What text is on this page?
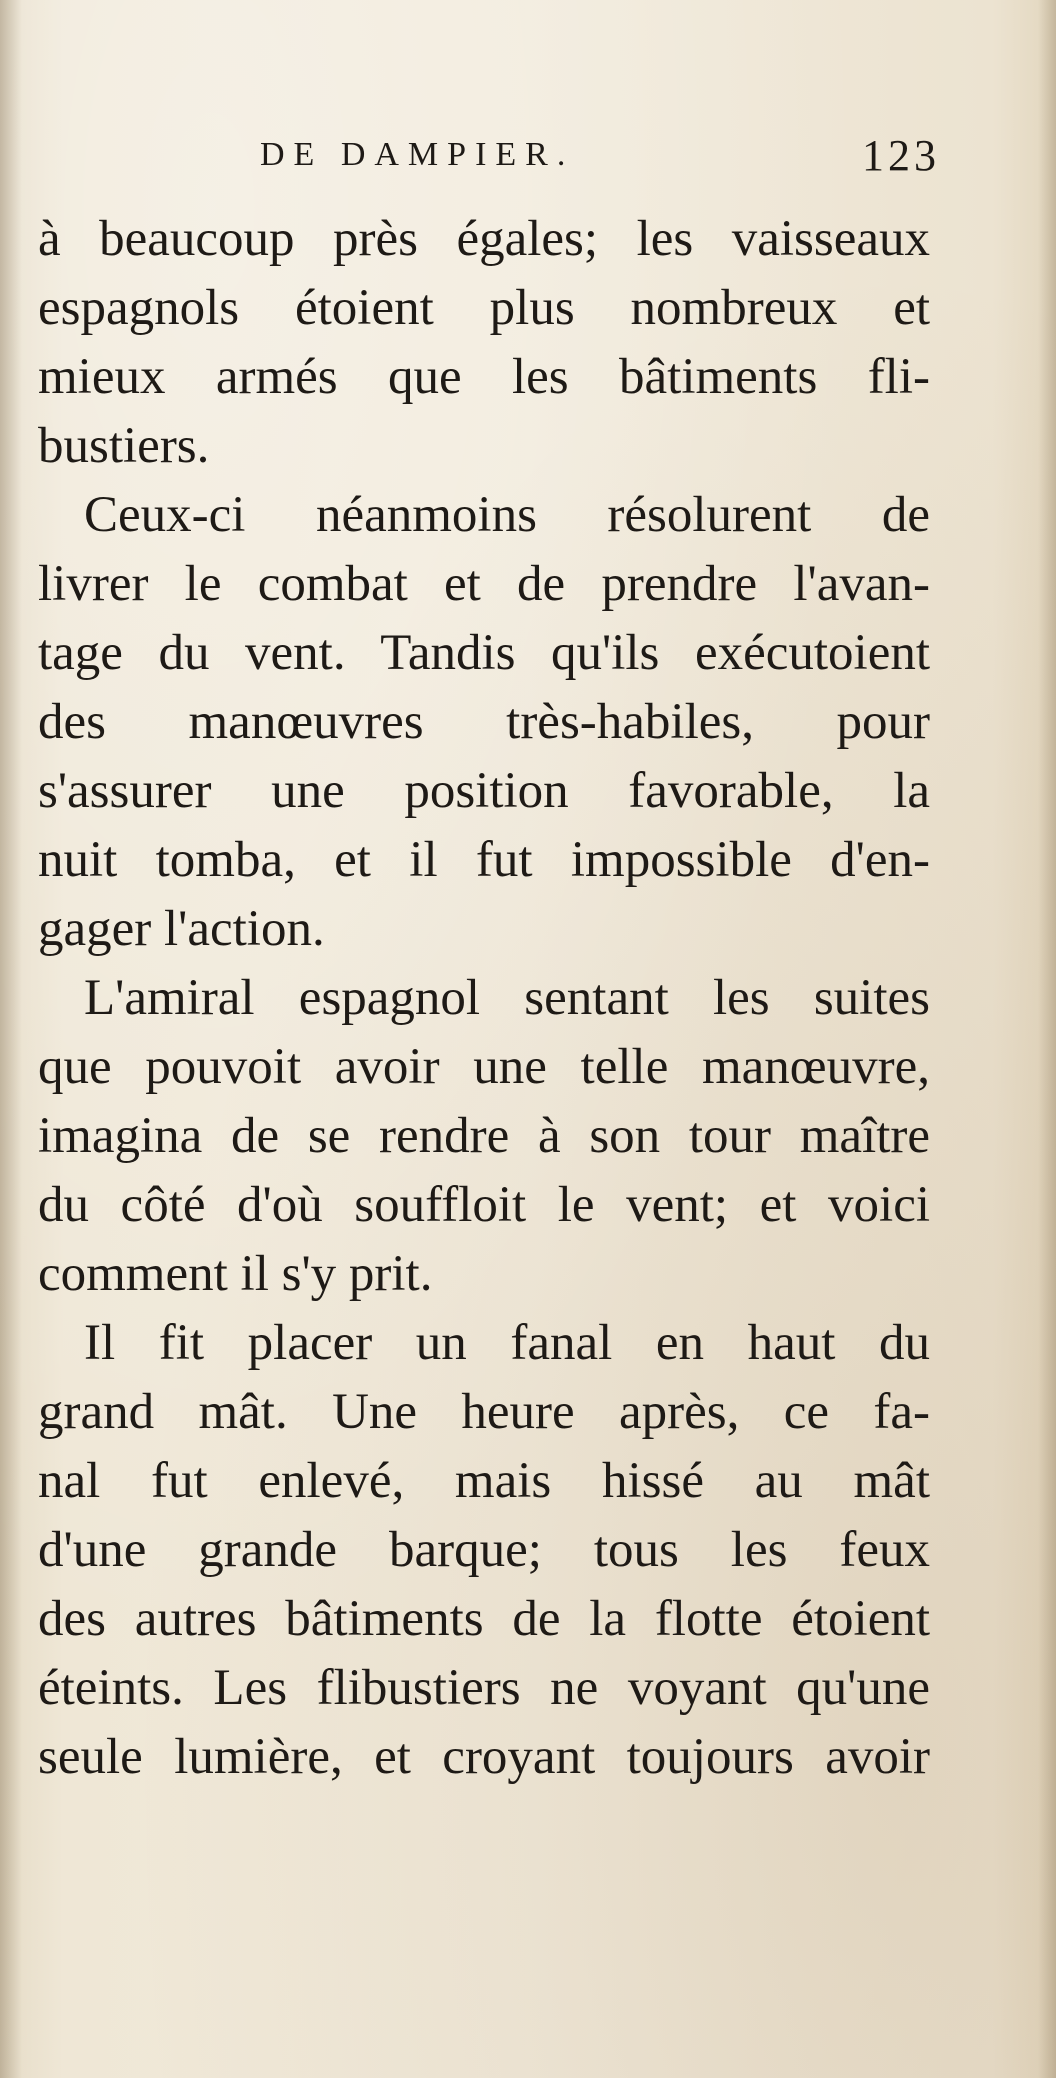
DE DAMPIER.	123
à beaucoup près égales; les vaisseaux
espagnols étoient plus nombreux et
mieux armés que les bâtiments fli-
bustiers.
Ceux-ci néanmoins résolurent de
livrer le combat et de prendre l'avan-
tage du vent. Tandis qu'ils exécutoient
des manœuvres très-habiles, pour
s'assurer une position favorable, la
nuit tomba, et il fut impossible d'en-
gager l'action.
L'amiral espagnol sentant les suites
que pouvoit avoir une telle manœuvre,
imagina de se rendre à son tour maître
du côté d'où souffloit le vent; et voici
comment il s'y prit.
Il fit placer un fanal en haut du
grand mât. Une heure après, ce fa-
nal fut enlevé, mais hissé au mât
d'une grande barque; tous les feux
des autres bâtiments de la flotte étoient
éteints. Les flibustiers ne voyant qu'une
seule lumière, et croyant toujours avoir
